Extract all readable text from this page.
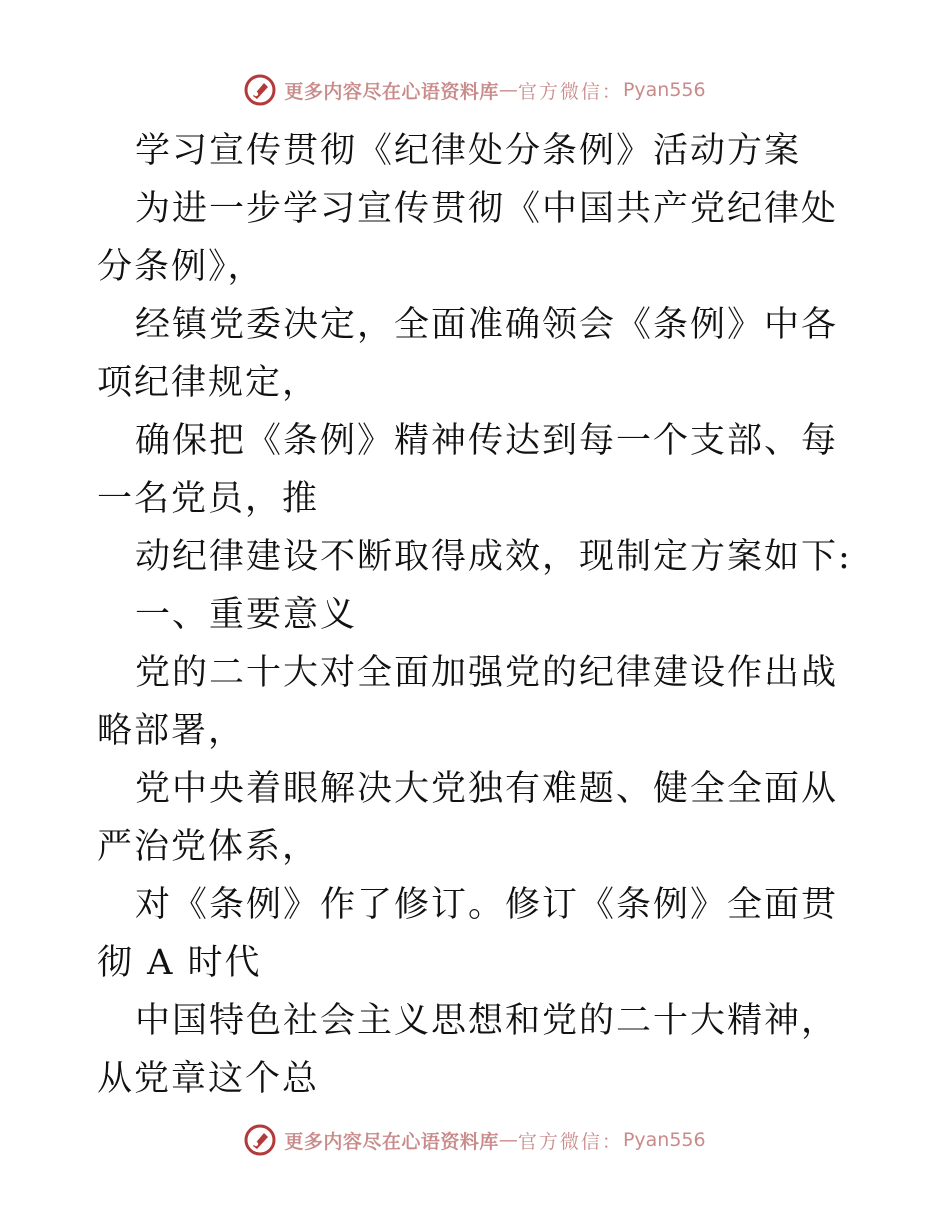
更多内容尽在心语资料库 — 官方微信： Pyan556

学习宣传贯彻《纪律处分条例》活动方案

为进一步学习宣传贯彻《中国共产党纪律处分条例》，

经镇党委决定，全面准确领会《条例》中各项纪律规定，

确保把《条例》精神传达到每一个支部、每一名党员，推

动纪律建设不断取得成效，现制定方案如下:

一、重要意义

党的二十大对全面加强党的纪律建设作出战略部署，

党中央着眼解决大党独有难题、健全全面从严治党体系，

对《条例》作了修订。修订《条例》全面贯彻 A 时代

中国特色社会主义思想和党的二十大精神，从党章这个总

更多内容尽在心语资料库 — 官方微信： Pyan556
